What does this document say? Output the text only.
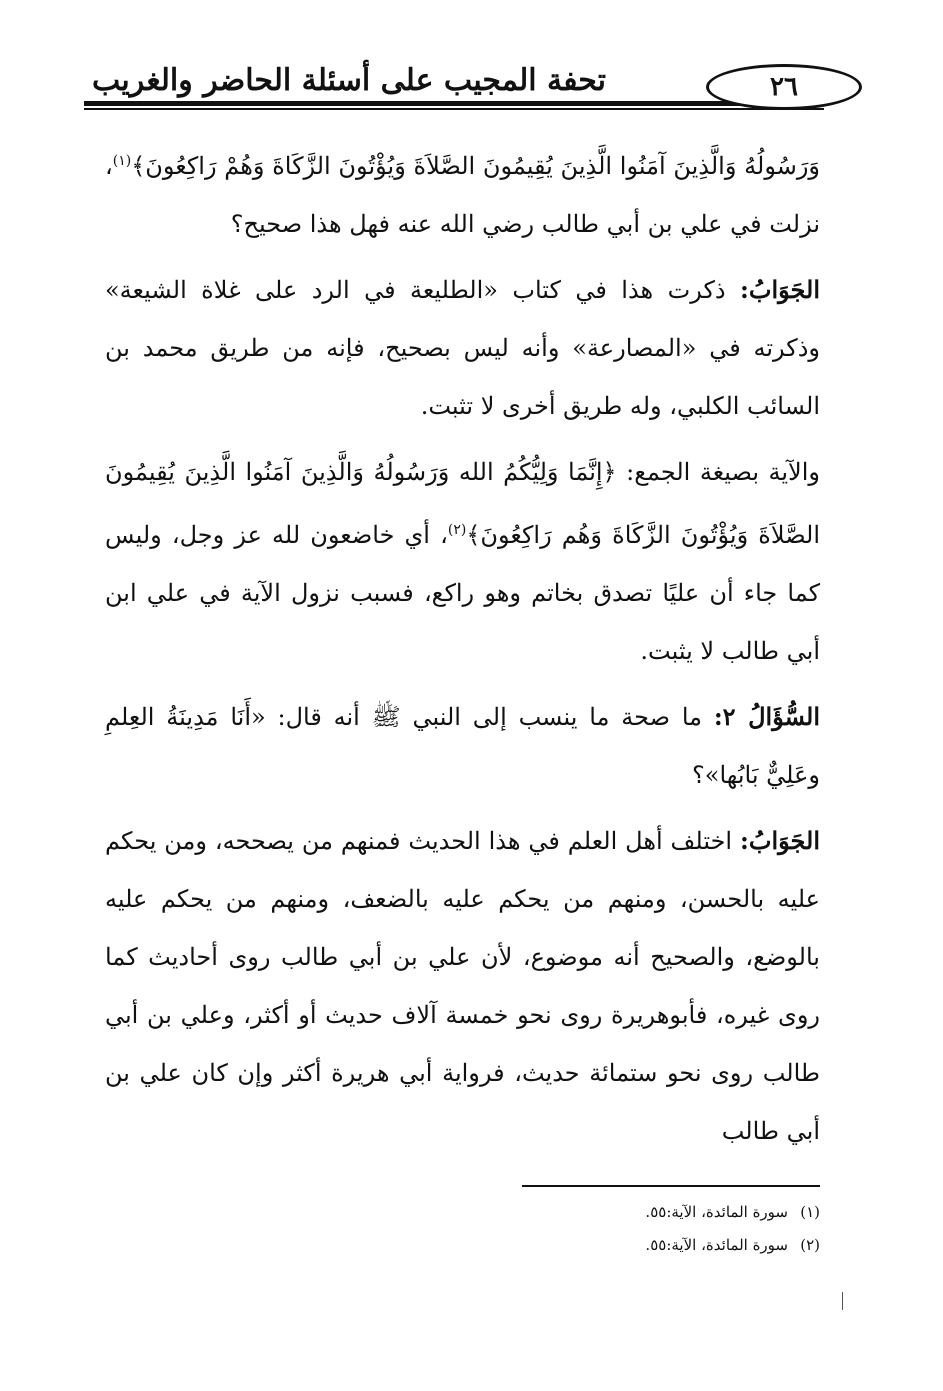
٢٦
تحفة المجيب على أسئلة الحاضر والغريب

وَرَسُولُهُ وَالَّذِينَ آمَنُوا الَّذِينَ يُقِيمُونَ الصَّلاَةَ وَيُؤْتُونَ الزَّكَاةَ وَهُمْ رَاكِعُونَ﴾$^{(١)}$، نزلت في علي بن أبي طالب رضي الله عنه فهل هذا صحيح؟

الجَوَابُ: ذكرت هذا في كتاب «الطليعة في الرد على غلاة الشيعة» وذكرته في «المصارعة» وأنه ليس بصحيح، فإنه من طريق محمد بن السائب الكلبي، وله طريق أخرى لا تثبت.

والآية بصيغة الجمع: ﴿إِنَّمَا وَلِيُّكُمُ الله وَرَسُولُهُ وَالَّذِينَ آمَنُوا الَّذِينَ يُقِيمُونَ الصَّلاَةَ وَيُؤْتُونَ الزَّكَاةَ وَهُم رَاكِعُونَ﴾$^{(٢)}$، أي خاضعون لله عز وجل، وليس كما جاء أن عليًا تصدق بخاتم وهو راكع، فسبب نزول الآية في علي ابن أبي طالب لا يثبت.

السُّؤَالُ ٢: ما صحة ما ينسب إلى النبي ﷺ أنه قال: «أَنَا مَدِينَةُ العِلمِ وعَلِيٌّ بَابُها»؟

الجَوَابُ: اختلف أهل العلم في هذا الحديث فمنهم من يصححه، ومن يحكم عليه بالحسن، ومنهم من يحكم عليه بالضعف، ومنهم من يحكم عليه بالوضع، والصحيح أنه موضوع، لأن علي بن أبي طالب روى أحاديث كما روى غيره، فأبوهريرة روى نحو خمسة آلاف حديث أو أكثر، وعلي بن أبي طالب روى نحو ستمائة حديث، فرواية أبي هريرة أكثر وإن كان علي بن أبي طالب

(١)سورة المائدة، الآية:٥٥.
(٢)سورة المائدة، الآية:٥٥.
